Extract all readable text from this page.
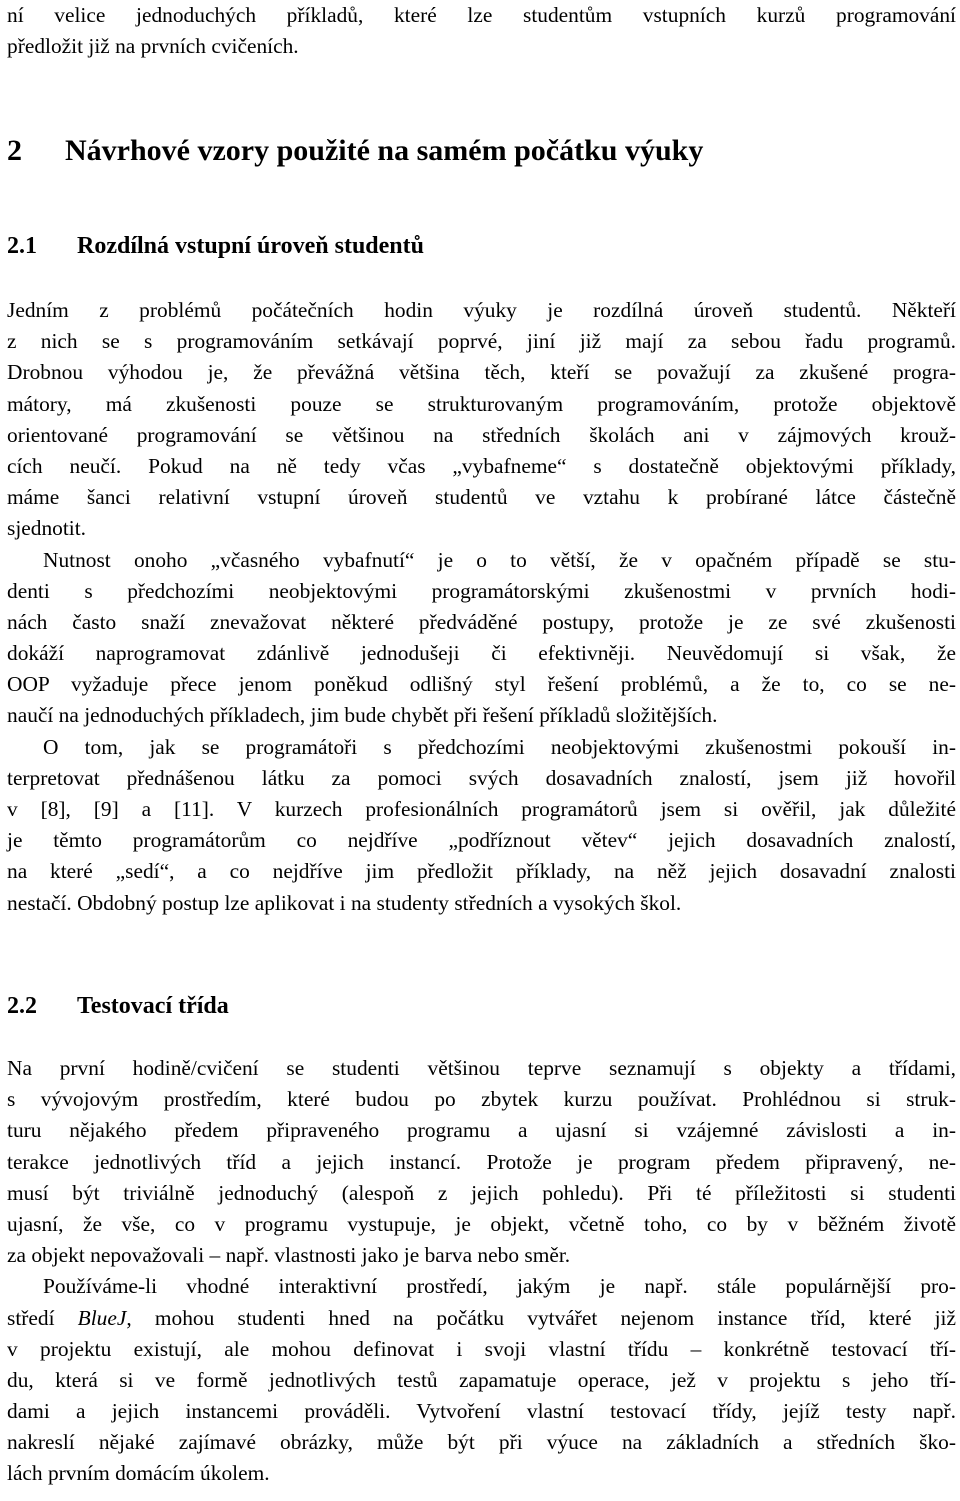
ní velice jednoduchých příkladů, které lze studentům vstupních kurzů programování
předložit již na prvních cvičeních.
2 Návrhové vzory použité na samém počátku výuky
2.1 Rozdílná vstupní úroveň studentů
Jedním z problémů počátečních hodin výuky je rozdílná úroveň studentů. Někteří
z nich se s programováním setkávají poprvé, jiní již mají za sebou řadu programů.
Drobnou výhodou je, že převážná většina těch, kteří se považují za zkušené progra-
mátory, má zkušenosti pouze se strukturovaným programováním, protože objektově
orientované programování se většinou na středních školách ani v zájmových krouž-
cích neučí. Pokud na ně tedy včas „vybafneme“ s dostatečně objektovými příklady,
máme šanci relativní vstupní úroveň studentů ve vztahu k probírané látce částečně
sjednotit.
Nutnost onoho „včasného vybafnutí“ je o to větší, že v opačném případě se stu-
denti s předchozími neobjektovými programátorskými zkušenostmi v prvních hodi-
nách často snaží znevažovat některé předváděné postupy, protože je ze své zkušenosti
dokáží naprogramovat zdánlivě jednodušeji či efektivněji. Neuvědomují si však, že
OOP vyžaduje přece jenom poněkud odlišný styl řešení problémů, a že to, co se ne-
naučí na jednoduchých příkladech, jim bude chybět při řešení příkladů složitějších.
O tom, jak se programátoři s předchozími neobjektovými zkušenostmi pokouší in-
terpretovat přednášenou látku za pomoci svých dosavadních znalostí, jsem již hovořil
v [8], [9] a [11]. V kurzech profesionálních programátorů jsem si ověřil, jak důležité
je těmto programátorům co nejdříve „podříznout větev“ jejich dosavadních znalostí,
na které „sedí“, a co nejdříve jim předložit příklady, na něž jejich dosavadní znalosti
nestačí. Obdobný postup lze aplikovat i na studenty středních a vysokých škol.
2.2 Testovací třída
Na první hodině/cvičení se studenti většinou teprve seznamují s objekty a třídami,
s vývojovým prostředím, které budou po zbytek kurzu používat. Prohlédnou si struk-
turu nějakého předem připraveného programu a ujasní si vzájemné závislosti a in-
terakce jednotlivých tříd a jejich instancí. Protože je program předem připravený, ne-
musí být triviálně jednoduchý (alespoň z jejich pohledu). Při té příležitosti si studenti
ujasní, že vše, co v programu vystupuje, je objekt, včetně toho, co by v běžném životě
za objekt nepovažovali – např. vlastnosti jako je barva nebo směr.
Používáme-li vhodné interaktivní prostředí, jakým je např. stále populárnější pro-
středí BlueJ, mohou studenti hned na počátku vytvářet nejenom instance tříd, které již
v projektu existují, ale mohou definovat i svoji vlastní třídu – konkrétně testovací tří-
du, která si ve formě jednotlivých testů zapamatuje operace, jež v projektu s jeho tří-
dami a jejich instancemi prováděli. Vytvoření vlastní testovací třídy, jejíž testy např.
nakreslí nějaké zajímavé obrázky, může být při výuce na základních a středních ško-
lách prvním domácím úkolem.
